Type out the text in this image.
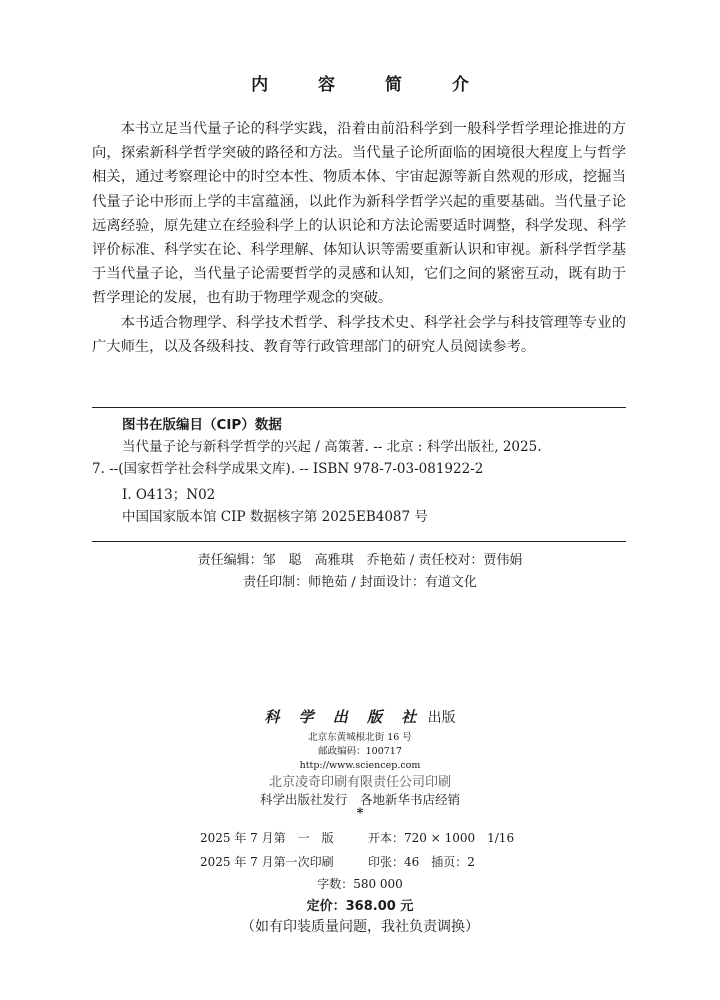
内 容 简 介

本书立足当代量子论的科学实践，沿着由前沿科学到一般科学哲学理论推进的方向，探索新科学哲学突破的路径和方法。当代量子论所面临的困境很大程度上与哲学相关，通过考察理论中的时空本性、物质本体、宇宙起源等新自然观的形成，挖掘当代量子论中形而上学的丰富蕴涵，以此作为新科学哲学兴起的重要基础。当代量子论远离经验，原先建立在经验科学上的认识论和方法论需要适时调整，科学发现、科学评价标准、科学实在论、科学理解、体知认识等需要重新认识和审视。新科学哲学基于当代量子论，当代量子论需要哲学的灵感和认知，它们之间的紧密互动，既有助于哲学理论的发展，也有助于物理学观念的突破。

本书适合物理学、科学技术哲学、科学技术史、科学社会学与科技管理等专业的广大师生，以及各级科技、教育等行政管理部门的研究人员阅读参考。

图书在版编目（CIP）数据
当代量子论与新科学哲学的兴起 / 高策著. -- 北京 : 科学出版社, 2025.
7. --(国家哲学社会科学成果文库). -- ISBN 978-7-03-081922-2
Ⅰ. O413；N02
中国国家版本馆 CIP 数据核字第 2025EB4087 号
责任编辑：邹　聪　高雅琪　乔艳茹 / 责任校对：贾伟娟
责任印制：师艳茹 / 封面设计：有道文化
科 学 出 版 社 出版
北京东黄城根北街 16 号
邮政编码：100717
http://www.sciencep.com
北京凌奇印刷有限责任公司印刷
科学出版社发行　各地新华书店经销
*
2025 年 7 月第　一　版	开本：720 × 1000　1/16
2025 年 7 月第一次印刷	印张：46　插页：2
字数：580 000
定价：368.00 元
（如有印装质量问题，我社负责调换）
